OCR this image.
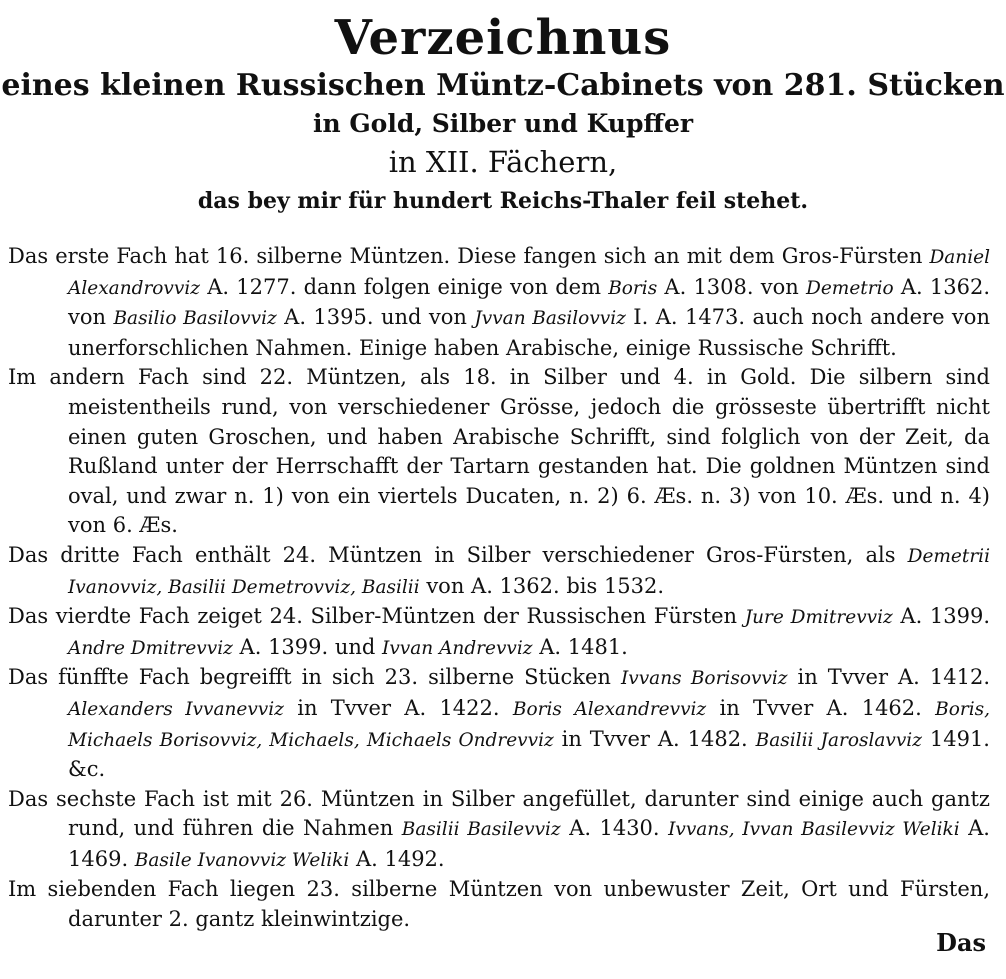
Verzeichnus
eines kleinen Russischen Müntz-Cabinets von 281. Stücken
in Gold, Silber und Kupffer
in XII. Fächern,
das bey mir für hundert Reichs-Thaler feil stehet.

Das erste Fach hat 16. silberne Müntzen. Diese fangen sich an mit dem Gros-Fürsten Daniel Alexandrovviz A. 1277. dann folgen einige von dem Boris A. 1308. von Demetrio A. 1362. von Basilio Basilovviz A. 1395. und von Jvvan Basilovviz I. A. 1473. auch noch andere von unerforschlichen Nahmen. Einige haben Arabische, einige Russische Schrifft.

Im andern Fach sind 22. Müntzen, als 18. in Silber und 4. in Gold. Die silbern sind meistentheils rund, von verschiedener Grösse, jedoch die grösseste übertrifft nicht einen guten Groschen, und haben Arabische Schrifft, sind folglich von der Zeit, da Rußland unter der Herrschafft der Tartarn gestanden hat. Die goldnen Müntzen sind oval, und zwar n. 1) von ein viertels Ducaten, n. 2) 6. Æs. n. 3) von 10. Æs. und n. 4) von 6. Æs.

Das dritte Fach enthält 24. Müntzen in Silber verschiedener Gros-Fürsten, als Demetrii Ivanovviz, Basilii Demetrovviz, Basilii von A. 1362. bis 1532.

Das vierdte Fach zeiget 24. Silber-Müntzen der Russischen Fürsten Jure Dmitrevviz A. 1399. Andre Dmitrevviz A. 1399. und Ivvan Andrevviz A. 1481.

Das fünffte Fach begreifft in sich 23. silberne Stücken Ivvans Borisovviz in Tvver A. 1412. Alexanders Ivvanevviz in Tvver A. 1422. Boris Alexandrevviz in Tvver A. 1462. Boris, Michaels Borisovviz, Michaels, Michaels Ondrevviz in Tvver A. 1482. Basilii Jaroslavviz 1491. &c.

Das sechste Fach ist mit 26. Müntzen in Silber angefüllet, darunter sind einige auch gantz rund, und führen die Nahmen Basilii Basilevviz A. 1430. Ivvans, Ivvan Basilevviz Weliki A. 1469. Basile Ivanovviz Weliki A. 1492.

Im siebenden Fach liegen 23. silberne Müntzen von unbewuster Zeit, Ort und Fürsten, darunter 2. gantz kleinwintzige.

Das
